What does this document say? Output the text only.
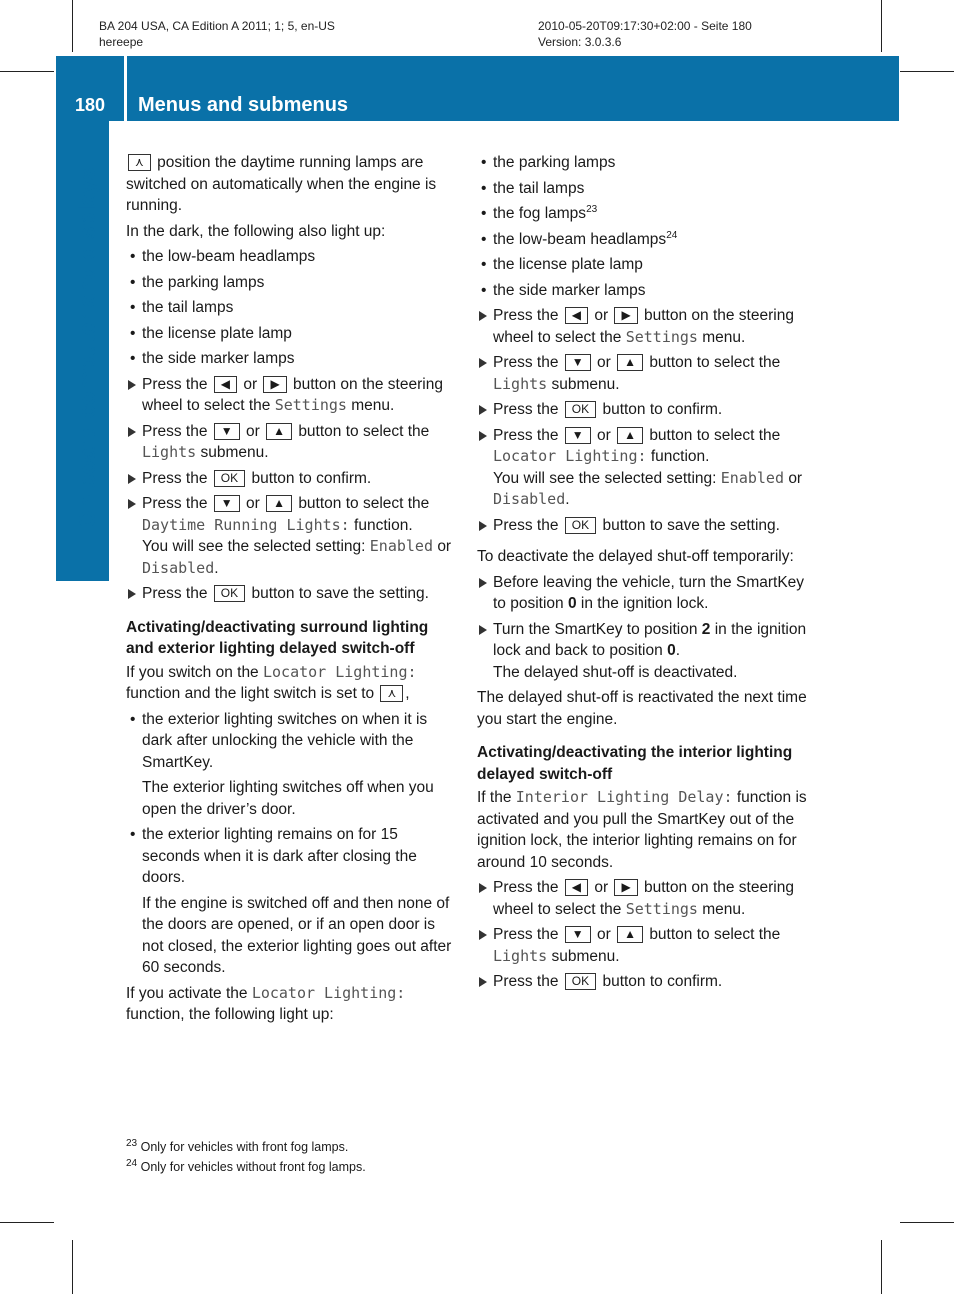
BA 204 USA, CA Edition A 2011; 1; 5, en-US
hereepe
2010-05-20T09:17:30+02:00 - Seite 180
Version: 3.0.3.6
180	Menus and submenus
On-board computer and displays

⋏ position the daytime running lamps are switched on automatically when the engine is running.

In the dark, the following also light up:

• the low-beam headlamps
• the parking lamps
• the tail lamps
• the license plate lamp
• the side marker lamps
Press the ◀ or ▶ button on the steering wheel to select the Settings menu.
Press the ▼ or ▲ button to select the Lights submenu.
Press the OK button to confirm.
Press the ▼ or ▲ button to select the Daytime Running Lights: function.
You will see the selected setting: Enabled or Disabled.
Press the OK button to save the setting.

Activating/deactivating surround lighting and exterior lighting delayed switch-off

If you switch on the Locator Lighting: function and the light switch is set to ⋏ ,

• the exterior lighting switches on when it is dark after unlocking the vehicle with the SmartKey.
The exterior lighting switches off when you open the driver’s door.
• the exterior lighting remains on for 15 seconds when it is dark after closing the doors.
If the engine is switched off and then none of the doors are opened, or if an open door is not closed, the exterior lighting goes out after 60 seconds.

If you activate the Locator Lighting: function, the following light up:

• the parking lamps
• the tail lamps
• the fog lamps$^{23}$
• the low-beam headlamps$^{24}$
• the license plate lamp
• the side marker lamps
Press the ◀ or ▶ button on the steering wheel to select the Settings menu.
Press the ▼ or ▲ button to select the Lights submenu.
Press the OK button to confirm.
Press the ▼ or ▲ button to select the Locator Lighting: function.
You will see the selected setting: Enabled or Disabled.
Press the OK button to save the setting.

To deactivate the delayed shut-off temporarily:

Before leaving the vehicle, turn the SmartKey to position 0 in the ignition lock.
Turn the SmartKey to position 2 in the ignition lock and back to position 0.
The delayed shut-off is deactivated.

The delayed shut-off is reactivated the next time you start the engine.

Activating/deactivating the interior lighting delayed switch-off

If the Interior Lighting Delay: function is activated and you pull the SmartKey out of the ignition lock, the interior lighting remains on for around 10 seconds.

Press the ◀ or ▶ button on the steering wheel to select the Settings menu.
Press the ▼ or ▲ button to select the Lights submenu.
Press the OK button to confirm.
$^{23}$ Only for vehicles with front fog lamps.
$^{24}$ Only for vehicles without front fog lamps.
